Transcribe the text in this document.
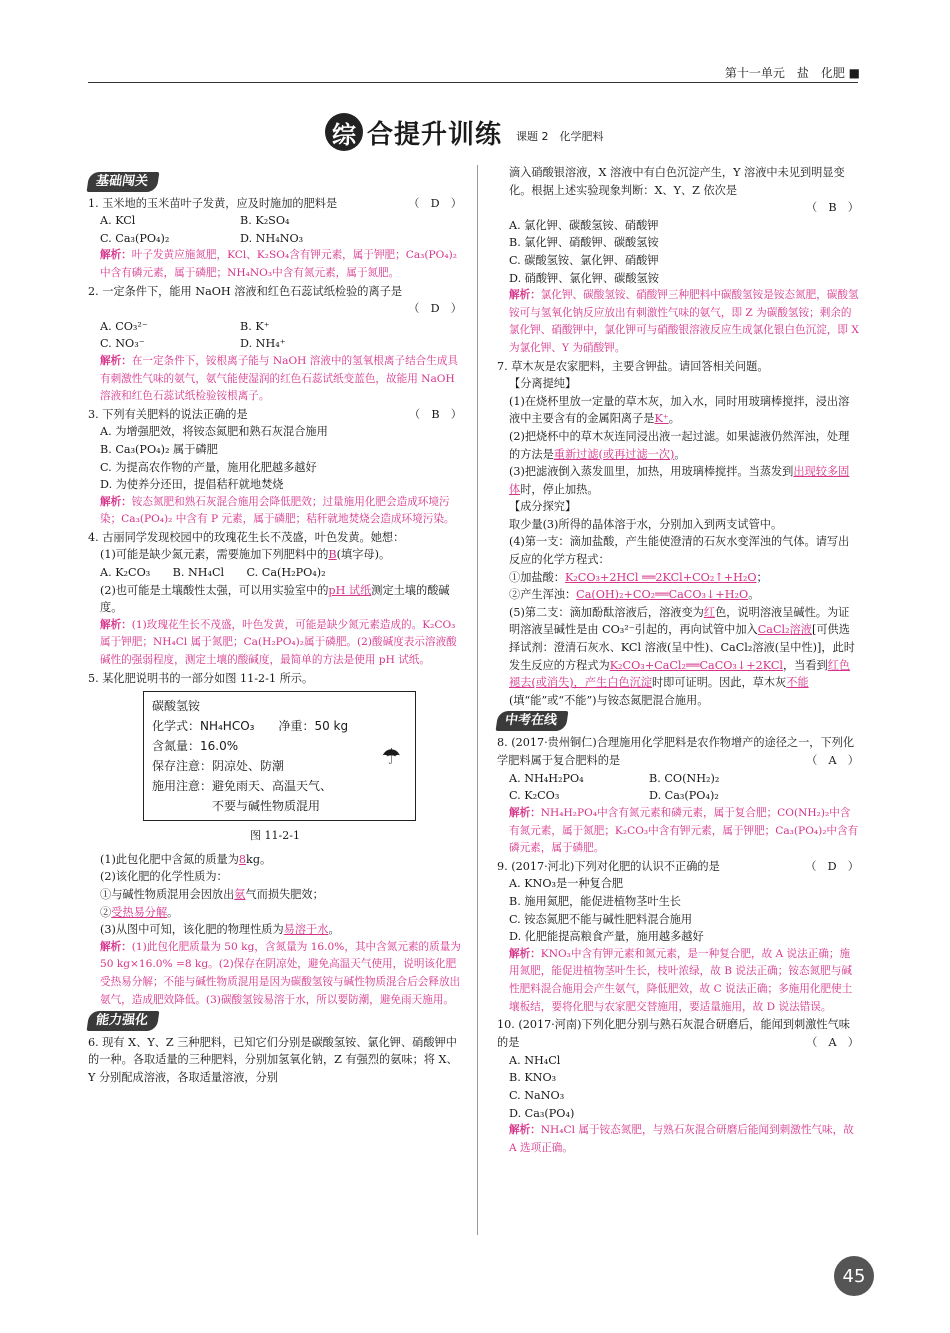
第十一单元　盐　化肥 ■
综 合提升训练 课题 2　化学肥料
基础闯关

（　D　）
1. 玉米地的玉米苗叶子发黄，应及时施加的肥料是

A. KCl	B. K₂SO₄
C. Ca₃(PO₄)₂	D. NH₄NO₃
解析：叶子发黄应施氮肥，KCl、K₂SO₄含有钾元素，属于钾肥；Ca₃(PO₄)₂中含有磷元素，属于磷肥；NH₄NO₃中含有氮元素，属于氮肥。

2. 一定条件下，能用 NaOH 溶液和红色石蕊试纸检验的离子是

（　D　）

A. CO₃²⁻	B. K⁺
C. NO₃⁻	D. NH₄⁺
解析：在一定条件下，铵根离子能与 NaOH 溶液中的氢氧根离子结合生成具有刺激性气味的氨气，氨气能使湿润的红色石蕊试纸变蓝色，故能用 NaOH 溶液和红色石蕊试纸检验铵根离子。

（　B　）
3. 下列有关肥料的说法正确的是

A. 为增强肥效，将铵态氮肥和熟石灰混合施用
B. Ca₃(PO₄)₂ 属于磷肥
C. 为提高农作物的产量，施用化肥越多越好
D. 为使养分还田，提倡秸秆就地焚烧
解析：铵态氮肥和熟石灰混合施用会降低肥效；过量施用化肥会造成环境污染；Ca₃(PO₄)₂ 中含有 P 元素，属于磷肥；秸秆就地焚烧会造成环境污染。

4. 古丽同学发现校园中的玫瑰花生长不茂盛，叶色发黄。她想：

(1)可能是缺少氮元素，需要施加下列肥料中的B(填字母)。

A. K₂CO₃　　B. NH₄Cl　　C. Ca(H₂PO₄)₂

(2)也可能是土壤酸性太强，可以用实验室中的pH 试纸测定土壤的酸碱度。

解析：(1)玫瑰花生长不茂盛，叶色发黄，可能是缺少氮元素造成的。K₂CO₃属于钾肥；NH₄Cl 属于氮肥；Ca(H₂PO₄)₂属于磷肥。(2)酸碱度表示溶液酸碱性的强弱程度，测定土壤的酸碱度，最简单的方法是使用 pH 试纸。

5. 某化肥说明书的一部分如图 11-2-1 所示。

碳酸氢铵
化学式：NH₄HCO₃　　净重：50 kg
含氮量：16.0%
保存注意：阴凉处、防潮
施用注意：避免雨天、高温天气、
　　　　　不要与碱性物质混用
☂
图 11-2-1

(1)此包化肥中含氮的质量为8kg。

(2)该化肥的化学性质为：

①与碱性物质混用会因放出氨气而损失肥效；

②受热易分解。

(3)从图中可知，该化肥的物理性质为易溶于水。

解析：(1)此包化肥质量为 50 kg，含氮量为 16.0%，其中含氮元素的质量为 50 kg×16.0% =8 kg。(2)保存在阴凉处，避免高温天气使用，说明该化肥受热易分解；不能与碱性物质混用是因为碳酸氢铵与碱性物质混合后会释放出氨气，造成肥效降低。(3)碳酸氢铵易溶于水，所以要防潮，避免雨天施用。
能力强化

6. 现有 X、Y、Z 三种肥料，已知它们分别是碳酸氢铵、氯化钾、硝酸钾中的一种。各取适量的三种肥料，分别加氢氧化钠，Z 有强烈的氨味；将 X、Y 分别配成溶液，各取适量溶液，分别

滴入硝酸银溶液，X 溶液中有白色沉淀产生，Y 溶液中未见到明显变化。根据上述实验现象判断：X、Y、Z 依次是

（　B　）

A. 氯化钾、碳酸氢铵、硝酸钾
B. 氯化钾、硝酸钾、碳酸氢铵
C. 碳酸氢铵、氯化钾、硝酸钾
D. 硝酸钾、氯化钾、碳酸氢铵
解析：氯化钾、碳酸氢铵、硝酸钾三种肥料中碳酸氢铵是铵态氮肥，碳酸氢铵可与氢氧化钠反应放出有刺激性气味的氨气，即 Z 为碳酸氢铵；剩余的氯化钾、硝酸钾中，氯化钾可与硝酸银溶液反应生成氯化银白色沉淀，即 X 为氯化钾、Y 为硝酸钾。

7. 草木灰是农家肥料，主要含钾盐。请回答相关问题。

【分离提纯】

(1)在烧杯里放一定量的草木灰，加入水，同时用玻璃棒搅拌，浸出溶液中主要含有的金属阳离子是K⁺。

(2)把烧杯中的草木灰连同浸出液一起过滤。如果滤液仍然浑浊，处理的方法是重新过滤(或再过滤一次)。

(3)把滤液倒入蒸发皿里，加热，用玻璃棒搅拌。当蒸发到出现较多固体时，停止加热。

【成分探究】

取少量(3)所得的晶体溶于水，分别加入到两支试管中。

(4)第一支：滴加盐酸，产生能使澄清的石灰水变浑浊的气体。请写出反应的化学方程式：

①加盐酸：K₂CO₃+2HCl ══2KCl+CO₂↑+H₂O；

②产生浑浊：Ca(OH)₂+CO₂══CaCO₃↓+H₂O。

(5)第二支：滴加酚酞溶液后，溶液变为红色，说明溶液呈碱性。为证明溶液呈碱性是由 CO₃²⁻引起的，再向试管中加入CaCl₂溶液[可供选择试剂：澄清石灰水、KCl 溶液(呈中性)、CaCl₂溶液(呈中性)]，此时发生反应的方程式为K₂CO₃+CaCl₂══CaCO₃↓+2KCl，当看到红色褪去(或消失)，产生白色沉淀时即可证明。因此，草木灰不能(填“能”或“不能”)与铵态氮肥混合施用。

中考在线

8. (2017·贵州铜仁)合理施用化学肥料是农作物增产的途径之一，下列化学肥料属于复合肥料的是	（　A　）

A. NH₄H₂PO₄	B. CO(NH₂)₂
C. K₂CO₃	D. Ca₃(PO₄)₂
解析：NH₄H₂PO₄中含有氮元素和磷元素，属于复合肥；CO(NH₂)₂中含有氮元素，属于氮肥；K₂CO₃中含有钾元素，属于钾肥；Ca₃(PO₄)₂中含有磷元素，属于磷肥。

（　D　）
9. (2017·河北)下列对化肥的认识不正确的是

A. KNO₃是一种复合肥
B. 施用氮肥，能促进植物茎叶生长
C. 铵态氮肥不能与碱性肥料混合施用
D. 化肥能提高粮食产量，施用越多越好
解析：KNO₃中含有钾元素和氮元素，是一种复合肥，故 A 说法正确；施用氮肥，能促进植物茎叶生长，枝叶浓绿，故 B 说法正确；铵态氮肥与碱性肥料混合施用会产生氨气，降低肥效，故 C 说法正确；多施用化肥使土壤板结，要将化肥与农家肥交替施用，要适量施用，故 D 说法错误。

10. (2017·河南)下列化肥分别与熟石灰混合研磨后，能闻到刺激性气味的是	（　A　）

A. NH₄Cl
B. KNO₃
C. NaNO₃
D. Ca₃(PO₄)
解析：NH₄Cl 属于铵态氮肥，与熟石灰混合研磨后能闻到刺激性气味，故 A 选项正确。
45
